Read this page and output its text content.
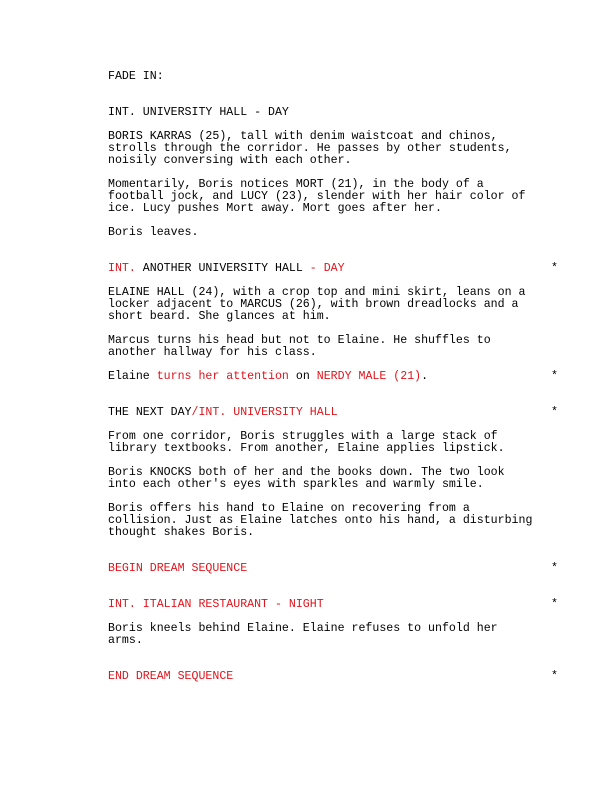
FADE IN:
INT. UNIVERSITY HALL - DAY
BORIS KARRAS (25), tall with denim waistcoat and chinos,
strolls through the corridor. He passes by other students,
noisily conversing with each other.
Momentarily, Boris notices MORT (21), in the body of a
football jock, and LUCY (23), slender with her hair color of
ice. Lucy pushes Mort away. Mort goes after her.
Boris leaves.
INT. ANOTHER UNIVERSITY HALL - DAY	*
ELAINE HALL (24), with a crop top and mini skirt, leans on a
locker adjacent to MARCUS (26), with brown dreadlocks and a
short beard. She glances at him.
Marcus turns his head but not to Elaine. He shuffles to
another hallway for his class.
Elaine turns her attention on NERDY MALE (21).	*
THE NEXT DAY/INT. UNIVERSITY HALL	*
From one corridor, Boris struggles with a large stack of
library textbooks. From another, Elaine applies lipstick.
Boris KNOCKS both of her and the books down. The two look
into each other's eyes with sparkles and warmly smile.
Boris offers his hand to Elaine on recovering from a
collision. Just as Elaine latches onto his hand, a disturbing
thought shakes Boris.
BEGIN DREAM SEQUENCE	*
INT. ITALIAN RESTAURANT - NIGHT	*
Boris kneels behind Elaine. Elaine refuses to unfold her
arms.
END DREAM SEQUENCE	*
